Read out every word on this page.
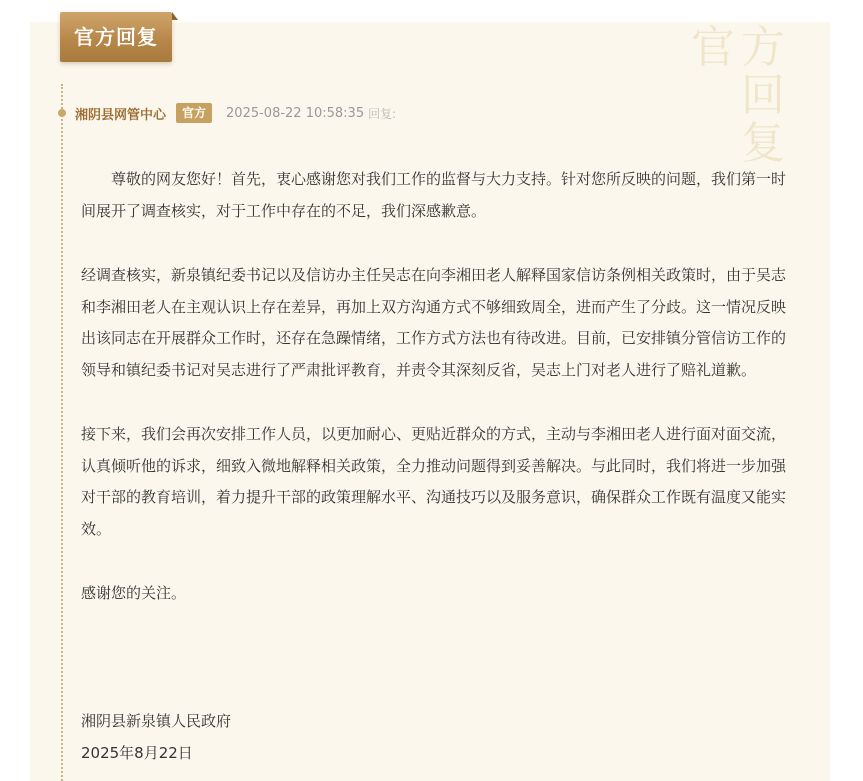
官方
回复
官方回复
湘阴县网管中心	官方	2025-08-22 10:58:35 回复:

尊敬的网友您好！首先，衷心感谢您对我们工作的监督与大力支持。针对您所反映的问题，我们第一时间展开了调查核实，对于工作中存在的不足，我们深感歉意。

经调查核实，新泉镇纪委书记以及信访办主任吴志在向李湘田老人解释国家信访条例相关政策时，由于吴志和李湘田老人在主观认识上存在差异，再加上双方沟通方式不够细致周全，进而产生了分歧。这一情况反映出该同志在开展群众工作时，还存在急躁情绪，工作方式方法也有待改进。目前，已安排镇分管信访工作的领导和镇纪委书记对吴志进行了严肃批评教育，并责令其深刻反省，吴志上门对老人进行了赔礼道歉。

接下来，我们会再次安排工作人员，以更加耐心、更贴近群众的方式，主动与李湘田老人进行面对面交流，认真倾听他的诉求，细致入微地解释相关政策，全力推动问题得到妥善解决。与此同时，我们将进一步加强对干部的教育培训，着力提升干部的政策理解水平、沟通技巧以及服务意识，确保群众工作既有温度又能实效。

感谢您的关注。

湘阴县新泉镇人民政府
2025年8月22日
